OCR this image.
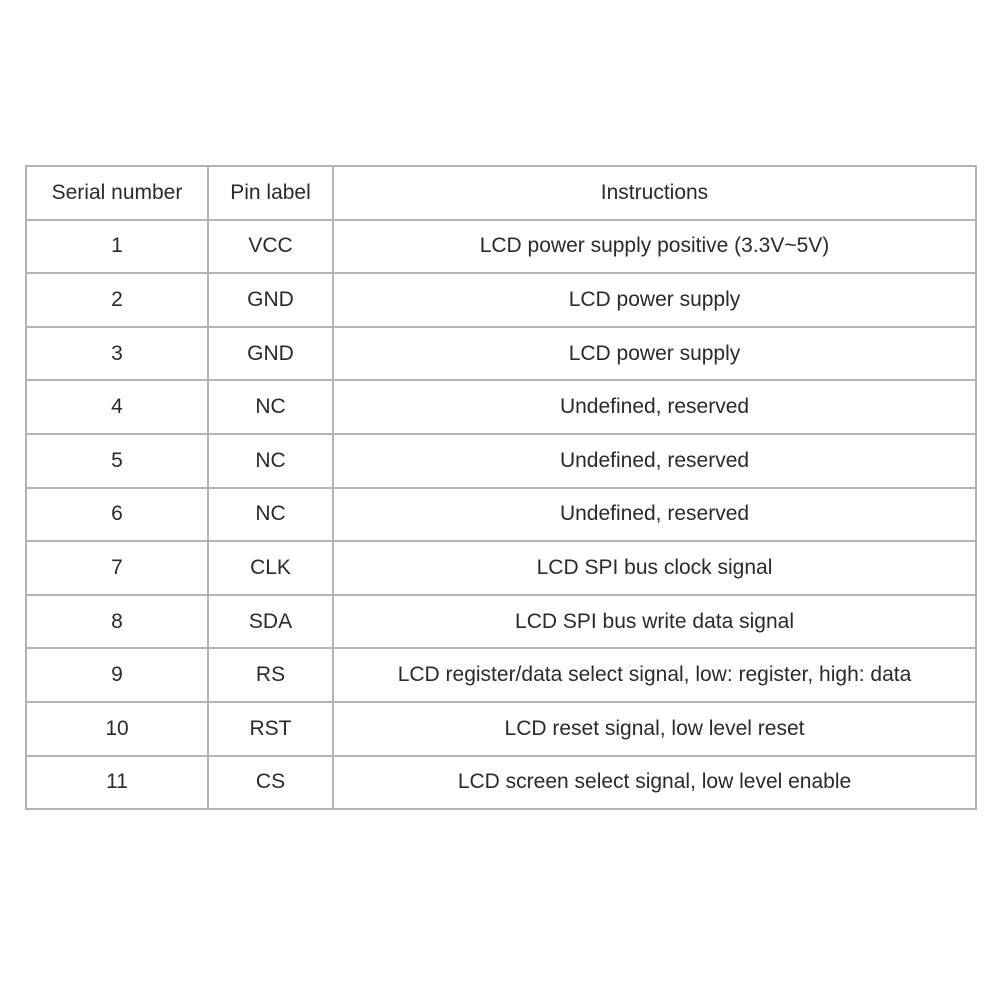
Serial number	Pin label	Instructions
1	VCC	LCD power supply positive (3.3V~5V)
2	GND	LCD power supply
3	GND	LCD power supply
4	NC	Undefined, reserved
5	NC	Undefined, reserved
6	NC	Undefined, reserved
7	CLK	LCD SPI bus clock signal
8	SDA	LCD SPI bus write data signal
9	RS	LCD register/data select signal, low: register, high: data
10	RST	LCD reset signal, low level reset
11	CS	LCD screen select signal, low level enable
